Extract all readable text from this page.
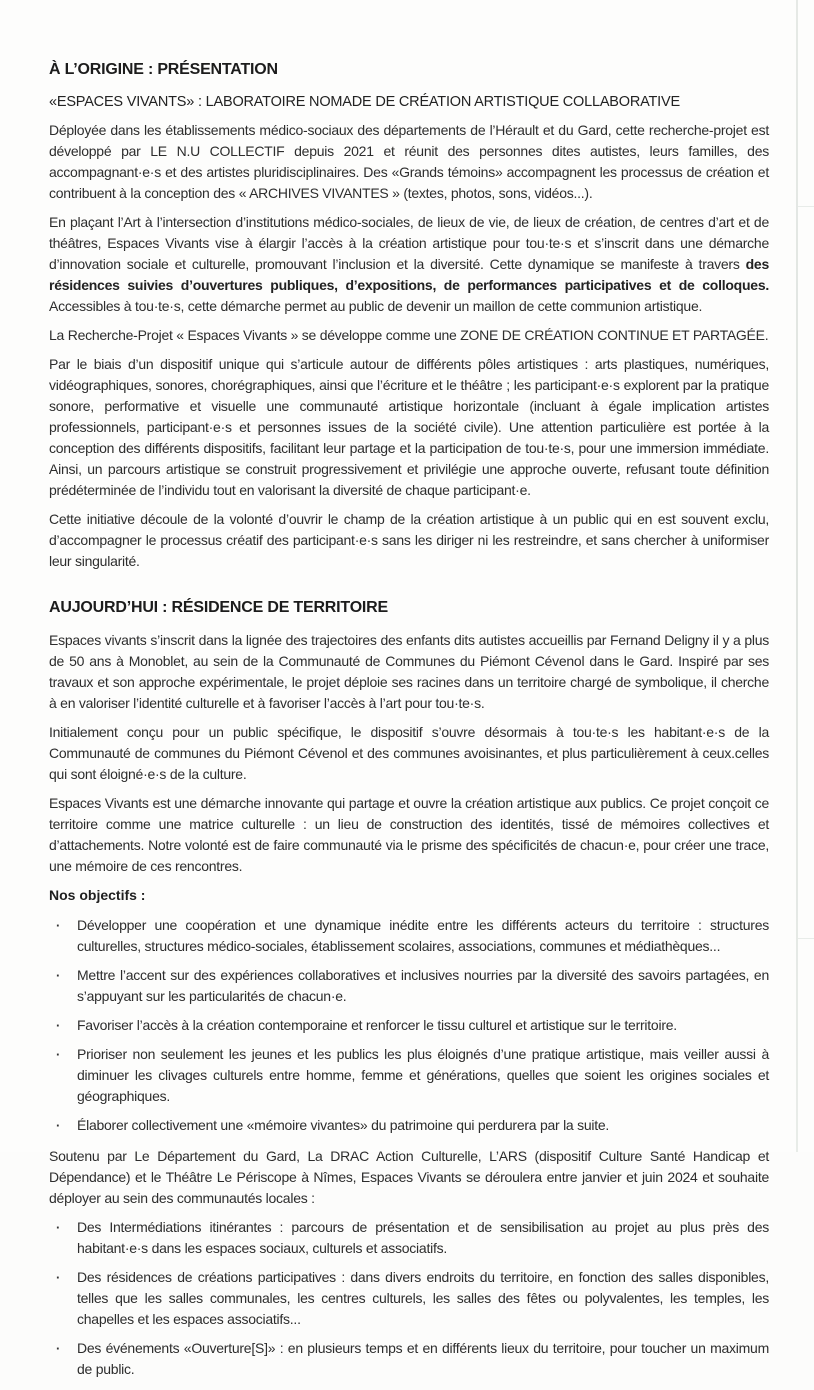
À L’ORIGINE : PRÉSENTATION
«ESPACES VIVANTS» : LABORATOIRE NOMADE DE CRÉATION ARTISTIQUE COLLABORATIVE

Déployée dans les établissements médico-sociaux des départements de l’Hérault et du Gard, cette recherche-projet est développé par LE N.U COLLECTIF depuis 2021 et réunit des personnes dites autistes, leurs familles, des accompagnant·e·s et des artistes pluridisciplinaires. Des «Grands témoins» accompagnent les processus de création et contribuent à la conception des « ARCHIVES VIVANTES » (textes, photos, sons, vidéos...).

En plaçant l’Art à l’intersection d’institutions médico-sociales, de lieux de vie, de lieux de création, de centres d’art et de théâtres, Espaces Vivants vise à élargir l’accès à la création artistique pour tou·te·s et s’inscrit dans une démarche d’innovation sociale et culturelle, promouvant l’inclusion et la diversité. Cette dynamique se manifeste à travers des résidences suivies d’ouvertures publiques, d’expositions, de performances participatives et de colloques. Accessibles à tou·te·s, cette démarche permet au public de devenir un maillon de cette communion artistique.

La Recherche-Projet « Espaces Vivants » se développe comme une ZONE DE CRÉATION CONTINUE ET PARTAGÉE.

Par le biais d’un dispositif unique qui s’articule autour de différents pôles artistiques : arts plastiques, numériques, vidéographiques, sonores, chorégraphiques, ainsi que l’écriture et le théâtre ; les participant·e·s explorent par la pratique sonore, performative et visuelle une communauté artistique horizontale (incluant à égale implication artistes professionnels, participant·e·s et personnes issues de la société civile). Une attention particulière est portée à la conception des différents dispositifs, facilitant leur partage et la participation de tou·te·s, pour une immersion immédiate. Ainsi, un parcours artistique se construit progressivement et privilégie une approche ouverte, refusant toute définition prédéterminée de l’individu tout en valorisant la diversité de chaque participant·e.

Cette initiative découle de la volonté d’ouvrir le champ de la création artistique à un public qui en est souvent exclu, d’accompagner le processus créatif des participant·e·s sans les diriger ni les restreindre, et sans chercher à uniformiser leur singularité.

AUJOURD’HUI : RÉSIDENCE DE TERRITOIRE

Espaces vivants s’inscrit dans la lignée des trajectoires des enfants dits autistes accueillis par Fernand Deligny il y a plus de 50 ans à Monoblet, au sein de la Communauté de Communes du Piémont Cévenol dans le Gard. Inspiré par ses travaux et son approche expérimentale, le projet déploie ses racines dans un territoire chargé de symbolique, il cherche à en valoriser l’identité culturelle et à favoriser l’accès à l’art pour tou·te·s.

Initialement conçu pour un public spécifique, le dispositif s’ouvre désormais à tou·te·s les habitant·e·s de la Communauté de communes du Piémont Cévenol et des communes avoisinantes, et plus particulièrement à ceux.celles qui sont éloigné·e·s de la culture.

Espaces Vivants est une démarche innovante qui partage et ouvre la création artistique aux publics. Ce projet conçoit ce territoire comme une matrice culturelle : un lieu de construction des identités, tissé de mémoires collectives et d’attachements. Notre volonté est de faire communauté via le prisme des spécificités de chacun·e, pour créer une trace, une mémoire de ces rencontres.

Nos objectifs :
· Développer une coopération et une dynamique inédite entre les différents acteurs du territoire : structures culturelles, structures médico-sociales, établissement scolaires, associations, communes et médiathèques...
· Mettre l’accent sur des expériences collaboratives et inclusives nourries par la diversité des savoirs partagées, en s’appuyant sur les particularités de chacun·e.
· Favoriser l’accès à la création contemporaine et renforcer le tissu culturel et artistique sur le territoire.
· Prioriser non seulement les jeunes et les publics les plus éloignés d’une pratique artistique, mais veiller aussi à diminuer les clivages culturels entre homme, femme et générations, quelles que soient les origines sociales et géographiques.
· Élaborer collectivement une «mémoire vivantes» du patrimoine qui perdurera par la suite.

Soutenu par Le Département du Gard, La DRAC Action Culturelle, L’ARS (dispositif Culture Santé Handicap et Dépendance) et le Théâtre Le Périscope à Nîmes, Espaces Vivants se déroulera entre janvier et juin 2024 et souhaite déployer au sein des communautés locales :

· Des Intermédiations itinérantes : parcours de présentation et de sensibilisation au projet au plus près des habitant·e·s dans les espaces sociaux, culturels et associatifs.
· Des résidences de créations participatives : dans divers endroits du territoire, en fonction des salles disponibles, telles que les salles communales, les centres culturels, les salles des fêtes ou polyvalentes, les temples, les chapelles et les espaces associatifs...
· Des événements «Ouverture[S]» : en plusieurs temps et en différents lieux du territoire, pour toucher un maximum de public.
